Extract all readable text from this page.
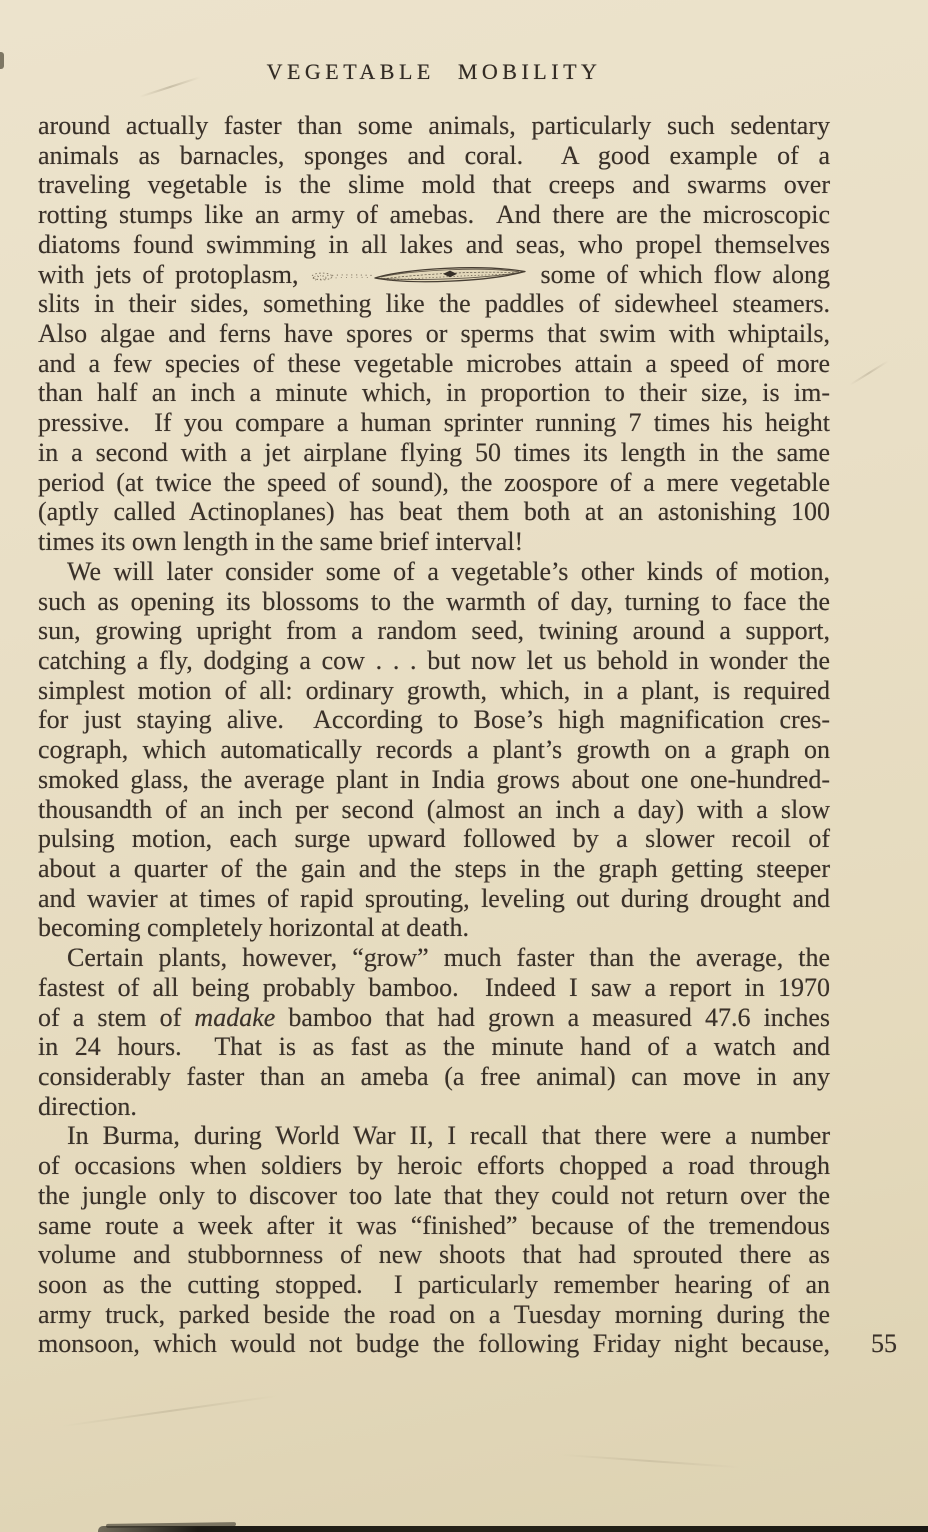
VEGETABLE MOBILITY
around actually faster than some animals, particularly such sedentary
animals as barnacles, sponges and coral.  A good example of a
traveling vegetable is the slime mold that creeps and swarms over
rotting stumps like an army of amebas.  And there are the microscopic
diatoms found swimming in all lakes and seas, who propel themselves
with jets of protoplasm,	some of which flow along
slits in their sides, something like the paddles of sidewheel steamers.
Also algae and ferns have spores or sperms that swim with whiptails,
and a few species of these vegetable microbes attain a speed of more
than half an inch a minute which, in proportion to their size, is im-
pressive.  If you compare a human sprinter running 7 times his height
in a second with a jet airplane flying 50 times its length in the same
period (at twice the speed of sound), the zoospore of a mere vegetable
(aptly called Actinoplanes) has beat them both at an astonishing 100
times its own length in the same brief interval!
We will later consider some of a vegetable’s other kinds of motion,
such as opening its blossoms to the warmth of day, turning to face the
sun, growing upright from a random seed, twining around a support,
catching a fly, dodging a cow . . . but now let us behold in wonder the
simplest motion of all: ordinary growth, which, in a plant, is required
for just staying alive.  According to Bose’s high magnification cres-
cograph, which automatically records a plant’s growth on a graph on
smoked glass, the average plant in India grows about one one-hundred-
thousandth of an inch per second (almost an inch a day) with a slow
pulsing motion, each surge upward followed by a slower recoil of
about a quarter of the gain and the steps in the graph getting steeper
and wavier at times of rapid sprouting, leveling out during drought and
becoming completely horizontal at death.
Certain plants, however, “grow” much faster than the average, the
fastest of all being probably bamboo.  Indeed I saw a report in 1970
of a stem of madake bamboo that had grown a measured 47.6 inches
in 24 hours.  That is as fast as the minute hand of a watch and
considerably faster than an ameba (a free animal) can move in any
direction.
In Burma, during World War II, I recall that there were a number
of occasions when soldiers by heroic efforts chopped a road through
the jungle only to discover too late that they could not return over the
same route a week after it was “finished” because of the tremendous
volume and stubbornness of new shoots that had sprouted there as
soon as the cutting stopped.  I particularly remember hearing of an
army truck, parked beside the road on a Tuesday morning during the
monsoon, which would not budge the following Friday night because, 55
